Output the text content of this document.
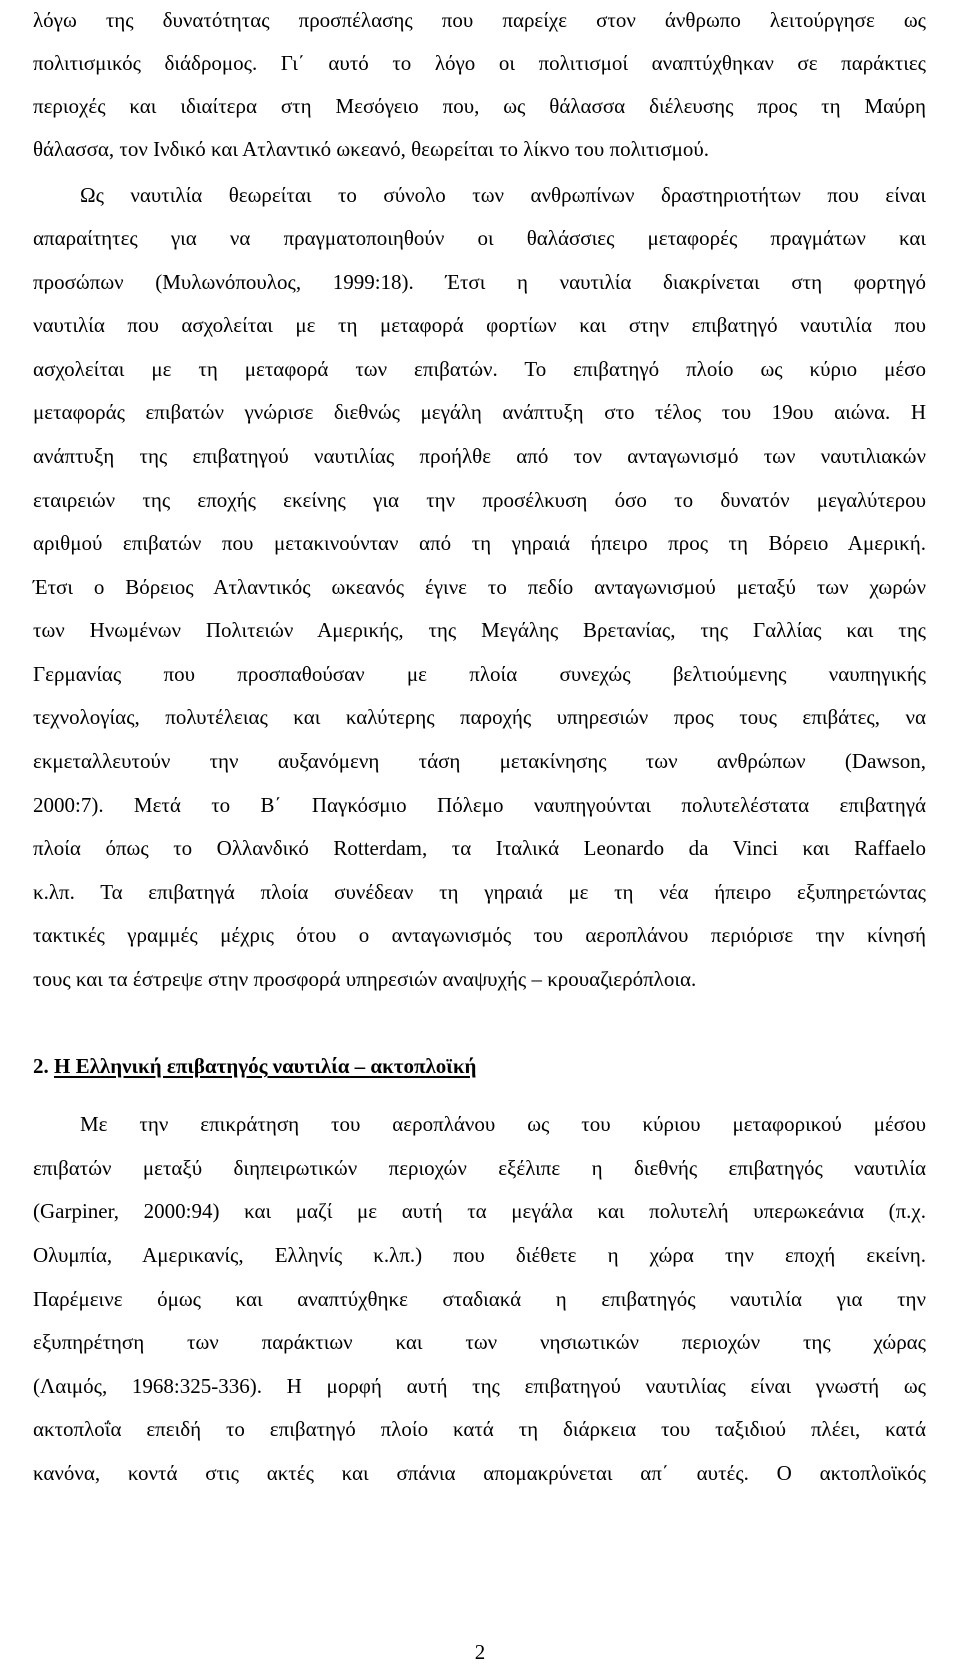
λόγω της δυνατότητας προσπέλασης που παρείχε στον άνθρωπο λειτούργησε ως
πολιτισμικός διάδρομος. Γι΄ αυτό το λόγο οι πολιτισμοί αναπτύχθηκαν σε παράκτιες
περιοχές και ιδιαίτερα στη Μεσόγειο που, ως θάλασσα διέλευσης προς τη Μαύρη
θάλασσα, τον Ινδικό και Ατλαντικό ωκεανό, θεωρείται το λίκνο του πολιτισμού.
Ως ναυτιλία θεωρείται το σύνολο των ανθρωπίνων δραστηριοτήτων που είναι
απαραίτητες για να πραγματοποιηθούν οι θαλάσσιες μεταφορές πραγμάτων και
προσώπων (Μυλωνόπουλος, 1999:18). Έτσι η ναυτιλία διακρίνεται στη φορτηγό
ναυτιλία που ασχολείται με τη μεταφορά φορτίων και στην επιβατηγό ναυτιλία που
ασχολείται με τη μεταφορά των επιβατών. Το επιβατηγό πλοίο ως κύριο μέσο
μεταφοράς επιβατών γνώρισε διεθνώς μεγάλη ανάπτυξη στο τέλος του 19ου αιώνα. Η
ανάπτυξη της επιβατηγού ναυτιλίας προήλθε από τον ανταγωνισμό των ναυτιλιακών
εταιρειών της εποχής εκείνης για την προσέλκυση όσο το δυνατόν μεγαλύτερου
αριθμού επιβατών που μετακινούνταν από τη γηραιά ήπειρο προς τη Βόρειο Αμερική.
Έτσι ο Βόρειος Ατλαντικός ωκεανός έγινε το πεδίο ανταγωνισμού μεταξύ των χωρών
των Ηνωμένων Πολιτειών Αμερικής, της Μεγάλης Βρετανίας, της Γαλλίας και της
Γερμανίας που προσπαθούσαν με πλοία συνεχώς βελτιούμενης ναυπηγικής
τεχνολογίας, πολυτέλειας και καλύτερης παροχής υπηρεσιών προς τους επιβάτες, να
εκμεταλλευτούν την αυξανόμενη τάση μετακίνησης των ανθρώπων (Dawson,
2000:7). Μετά το Β΄ Παγκόσμιο Πόλεμο ναυπηγούνται πολυτελέστατα επιβατηγά
πλοία όπως το Ολλανδικό Rotterdam, τα Ιταλικά Leonardo da Vinci και Raffaelo
κ.λπ. Τα επιβατηγά πλοία συνέδεαν τη γηραιά με τη νέα ήπειρο εξυπηρετώντας
τακτικές γραμμές μέχρις ότου ο ανταγωνισμός του αεροπλάνου περιόρισε την κίνησή
τους και τα έστρεψε στην προσφορά υπηρεσιών αναψυχής – κρουαζιερόπλοια.
2. Η Ελληνική επιβατηγός ναυτιλία – ακτοπλοϊκή
Με την επικράτηση του αεροπλάνου ως του κύριου μεταφορικού μέσου
επιβατών μεταξύ διηπειρωτικών περιοχών εξέλιπε η διεθνής επιβατηγός ναυτιλία
(Garpiner, 2000:94) και μαζί με αυτή τα μεγάλα και πολυτελή υπερωκεάνια (π.χ.
Ολυμπία, Αμερικανίς, Ελληνίς κ.λπ.) που διέθετε η χώρα την εποχή εκείνη.
Παρέμεινε όμως και αναπτύχθηκε σταδιακά η επιβατηγός ναυτιλία για την
εξυπηρέτηση των παράκτιων και των νησιωτικών περιοχών της χώρας
(Λαιμός, 1968:325-336). Η μορφή αυτή της επιβατηγού ναυτιλίας είναι γνωστή ως
ακτοπλοΐα επειδή το επιβατηγό πλοίο κατά τη διάρκεια του ταξιδιού πλέει, κατά
κανόνα, κοντά στις ακτές και σπάνια απομακρύνεται απ΄ αυτές. Ο ακτοπλοϊκός
2
